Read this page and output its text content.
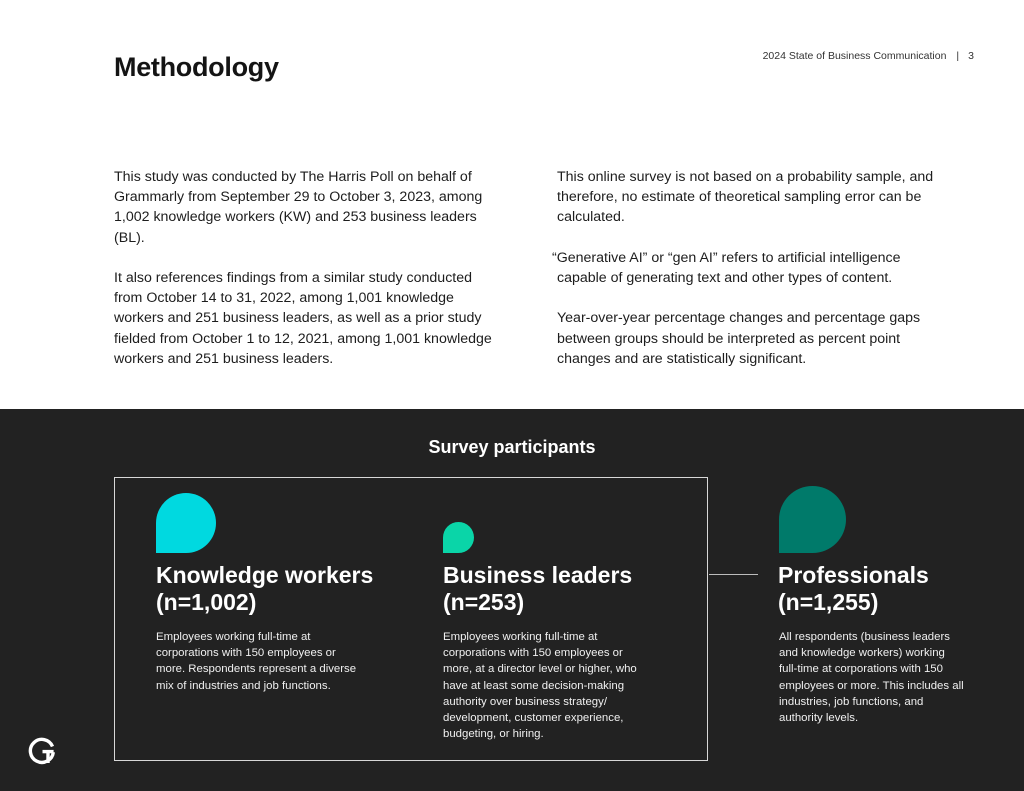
Methodology	2024 State of Business Communication | 3

This study was conducted by The Harris Poll on behalf of Grammarly from September 29 to October 3, 2023, among 1,002 knowledge workers (KW) and 253 business leaders (BL).

It also references findings from a similar study conducted from October 14 to 31, 2022, among 1,001 knowledge workers and 251 business leaders, as well as a prior study fielded from October 1 to 12, 2021, among 1,001 knowledge workers and 251 business leaders.

This online survey is not based on a probability sample, and therefore, no estimate of theoretical sampling error can be calculated.

“Generative AI” or “gen AI” refers to artificial intelligence capable of generating text and other types of content.

Year-over-year percentage changes and percentage gaps between groups should be interpreted as percent point changes and are statistically significant.

Survey participants
Knowledge workers
(n=1,002)

Employees working full-time at
corporations with 150 employees or
more. Respondents represent a diverse
mix of industries and job functions.

Business leaders
(n=253)

Employees working full-time at
corporations with 150 employees or
more, at a director level or higher, who
have at least some decision-making
authority over business strategy/
development, customer experience,
budgeting, or hiring.

Professionals
(n=1,255)

All respondents (business leaders
and knowledge workers) working
full-time at corporations with 150
employees or more. This includes all
industries, job functions, and
authority levels.
